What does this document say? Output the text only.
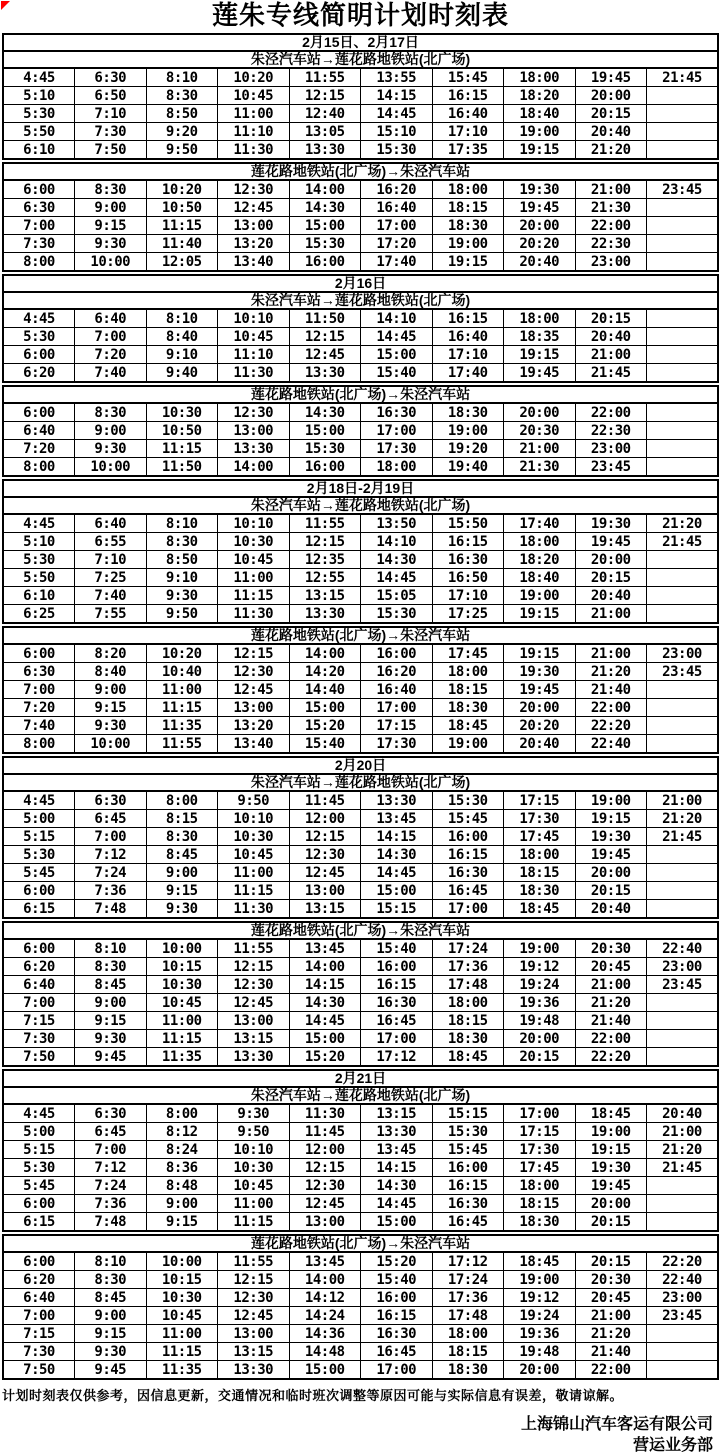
莲朱专线简明计划时刻表
2月15日、2月17日
朱泾汽车站→莲花路地铁站(北广场)
4:45	6:30	8:10	10:20	11:55	13:55	15:45	18:00	19:45	21:45
5:10	6:50	8:30	10:45	12:15	14:15	16:15	18:20	20:00	
5:30	7:10	8:50	11:00	12:40	14:45	16:40	18:40	20:15	
5:50	7:30	9:20	11:10	13:05	15:10	17:10	19:00	20:40	
6:10	7:50	9:50	11:30	13:30	15:30	17:35	19:15	21:20	
莲花路地铁站(北广场)→朱泾汽车站
6:00	8:30	10:20	12:30	14:00	16:20	18:00	19:30	21:00	23:45
6:30	9:00	10:50	12:45	14:30	16:40	18:15	19:45	21:30	
7:00	9:15	11:15	13:00	15:00	17:00	18:30	20:00	22:00	
7:30	9:30	11:40	13:20	15:30	17:20	19:00	20:20	22:30	
8:00	10:00	12:05	13:40	16:00	17:40	19:15	20:40	23:00	
2月16日
朱泾汽车站→莲花路地铁站(北广场)
4:45	6:40	8:10	10:10	11:50	14:10	16:15	18:00	20:15	
5:30	7:00	8:40	10:45	12:15	14:45	16:40	18:35	20:40	
6:00	7:20	9:10	11:10	12:45	15:00	17:10	19:15	21:00	
6:20	7:40	9:40	11:30	13:30	15:40	17:40	19:45	21:45	
莲花路地铁站(北广场)→朱泾汽车站
6:00	8:30	10:30	12:30	14:30	16:30	18:30	20:00	22:00	
6:40	9:00	10:50	13:00	15:00	17:00	19:00	20:30	22:30	
7:20	9:30	11:15	13:30	15:30	17:30	19:20	21:00	23:00	
8:00	10:00	11:50	14:00	16:00	18:00	19:40	21:30	23:45	
2月18日-2月19日
朱泾汽车站→莲花路地铁站(北广场)
4:45	6:40	8:10	10:10	11:55	13:50	15:50	17:40	19:30	21:20
5:10	6:55	8:30	10:30	12:15	14:10	16:15	18:00	19:45	21:45
5:30	7:10	8:50	10:45	12:35	14:30	16:30	18:20	20:00	
5:50	7:25	9:10	11:00	12:55	14:45	16:50	18:40	20:15	
6:10	7:40	9:30	11:15	13:15	15:05	17:10	19:00	20:40	
6:25	7:55	9:50	11:30	13:30	15:30	17:25	19:15	21:00	
莲花路地铁站(北广场)→朱泾汽车站
6:00	8:20	10:20	12:15	14:00	16:00	17:45	19:15	21:00	23:00
6:30	8:40	10:40	12:30	14:20	16:20	18:00	19:30	21:20	23:45
7:00	9:00	11:00	12:45	14:40	16:40	18:15	19:45	21:40	
7:20	9:15	11:15	13:00	15:00	17:00	18:30	20:00	22:00	
7:40	9:30	11:35	13:20	15:20	17:15	18:45	20:20	22:20	
8:00	10:00	11:55	13:40	15:40	17:30	19:00	20:40	22:40	
2月20日
朱泾汽车站→莲花路地铁站(北广场)
4:45	6:30	8:00	9:50	11:45	13:30	15:30	17:15	19:00	21:00
5:00	6:45	8:15	10:10	12:00	13:45	15:45	17:30	19:15	21:20
5:15	7:00	8:30	10:30	12:15	14:15	16:00	17:45	19:30	21:45
5:30	7:12	8:45	10:45	12:30	14:30	16:15	18:00	19:45	
5:45	7:24	9:00	11:00	12:45	14:45	16:30	18:15	20:00	
6:00	7:36	9:15	11:15	13:00	15:00	16:45	18:30	20:15	
6:15	7:48	9:30	11:30	13:15	15:15	17:00	18:45	20:40	
莲花路地铁站(北广场)→朱泾汽车站
6:00	8:10	10:00	11:55	13:45	15:40	17:24	19:00	20:30	22:40
6:20	8:30	10:15	12:15	14:00	16:00	17:36	19:12	20:45	23:00
6:40	8:45	10:30	12:30	14:15	16:15	17:48	19:24	21:00	23:45
7:00	9:00	10:45	12:45	14:30	16:30	18:00	19:36	21:20	
7:15	9:15	11:00	13:00	14:45	16:45	18:15	19:48	21:40	
7:30	9:30	11:15	13:15	15:00	17:00	18:30	20:00	22:00	
7:50	9:45	11:35	13:30	15:20	17:12	18:45	20:15	22:20	
2月21日
朱泾汽车站→莲花路地铁站(北广场)
4:45	6:30	8:00	9:30	11:30	13:15	15:15	17:00	18:45	20:40
5:00	6:45	8:12	9:50	11:45	13:30	15:30	17:15	19:00	21:00
5:15	7:00	8:24	10:10	12:00	13:45	15:45	17:30	19:15	21:20
5:30	7:12	8:36	10:30	12:15	14:15	16:00	17:45	19:30	21:45
5:45	7:24	8:48	10:45	12:30	14:30	16:15	18:00	19:45	
6:00	7:36	9:00	11:00	12:45	14:45	16:30	18:15	20:00	
6:15	7:48	9:15	11:15	13:00	15:00	16:45	18:30	20:15	
莲花路地铁站(北广场)→朱泾汽车站
6:00	8:10	10:00	11:55	13:45	15:20	17:12	18:45	20:15	22:20
6:20	8:30	10:15	12:15	14:00	15:40	17:24	19:00	20:30	22:40
6:40	8:45	10:30	12:30	14:12	16:00	17:36	19:12	20:45	23:00
7:00	9:00	10:45	12:45	14:24	16:15	17:48	19:24	21:00	23:45
7:15	9:15	11:00	13:00	14:36	16:30	18:00	19:36	21:20	
7:30	9:30	11:15	13:15	14:48	16:45	18:15	19:48	21:40	
7:50	9:45	11:35	13:30	15:00	17:00	18:30	20:00	22:00	
计划时刻表仅供参考，因信息更新，交通情况和临时班次调整等原因可能与实际信息有误差，敬请谅解。
上海锦山汽车客运有限公司
营运业务部
